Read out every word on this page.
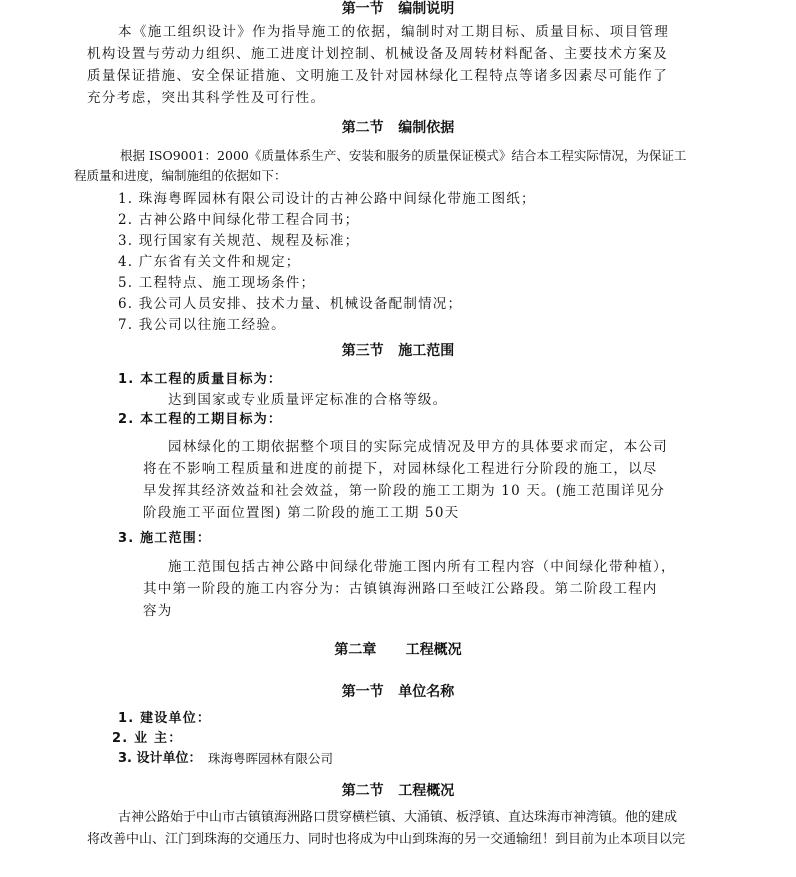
第一节   编制说明
本《施工组织设计》作为指导施工的依据，编制时对工期目标、质量目标、项目管理
机构设置与劳动力组织、施工进度计划控制、机械设备及周转材料配备、主要技术方案及
质量保证措施、安全保证措施、文明施工及针对园林绿化工程特点等诸多因素尽可能作了
充分考虑，突出其科学性及可行性。
第二节   编制依据
根据 ISO9001：2000《质量体系生产、安装和服务的质量保证模式》结合本工程实际情况，为保证工
程质量和进度，编制施组的依据如下：
1. 珠海粤晖园林有限公司设计的古神公路中间绿化带施工图纸；
2. 古神公路中间绿化带工程合同书；
3. 现行国家有关规范、规程及标准；
4. 广东省有关文件和规定；
5. 工程特点、施工现场条件；
6. 我公司人员安排、技术力量、机械设备配制情况；
7. 我公司以往施工经验。
第三节   施工范围
1. 本工程的质量目标为：
达到国家或专业质量评定标准的合格等级。
2. 本工程的工期目标为：
园林绿化的工期依据整个项目的实际完成情况及甲方的具体要求而定，本公司
将在不影响工程质量和进度的前提下，对园林绿化工程进行分阶段的施工，以尽
早发挥其经济效益和社会效益，第一阶段的施工工期为 10 天。(施工范围详见分
阶段施工平面位置图) 第二阶段的施工工期 50天
3. 施工范围：
施工范围包括古神公路中间绿化带施工图内所有工程内容（中间绿化带种植），
其中第一阶段的施工内容分为：古镇镇海洲路口至岐江公路段。第二阶段工程内
容为
第二章      工程概况
第一节   单位名称
1. 建设单位：
2. 业 主：
3. 设计单位： 珠海粤晖园林有限公司
第二节   工程概况
古神公路始于中山市古镇镇海洲路口贯穿横栏镇、大涌镇、板浮镇、直达珠海市神湾镇。他的建成
将改善中山、江门到珠海的交通压力、同时也将成为中山到珠海的另一交通输纽！到目前为止本项目以完
